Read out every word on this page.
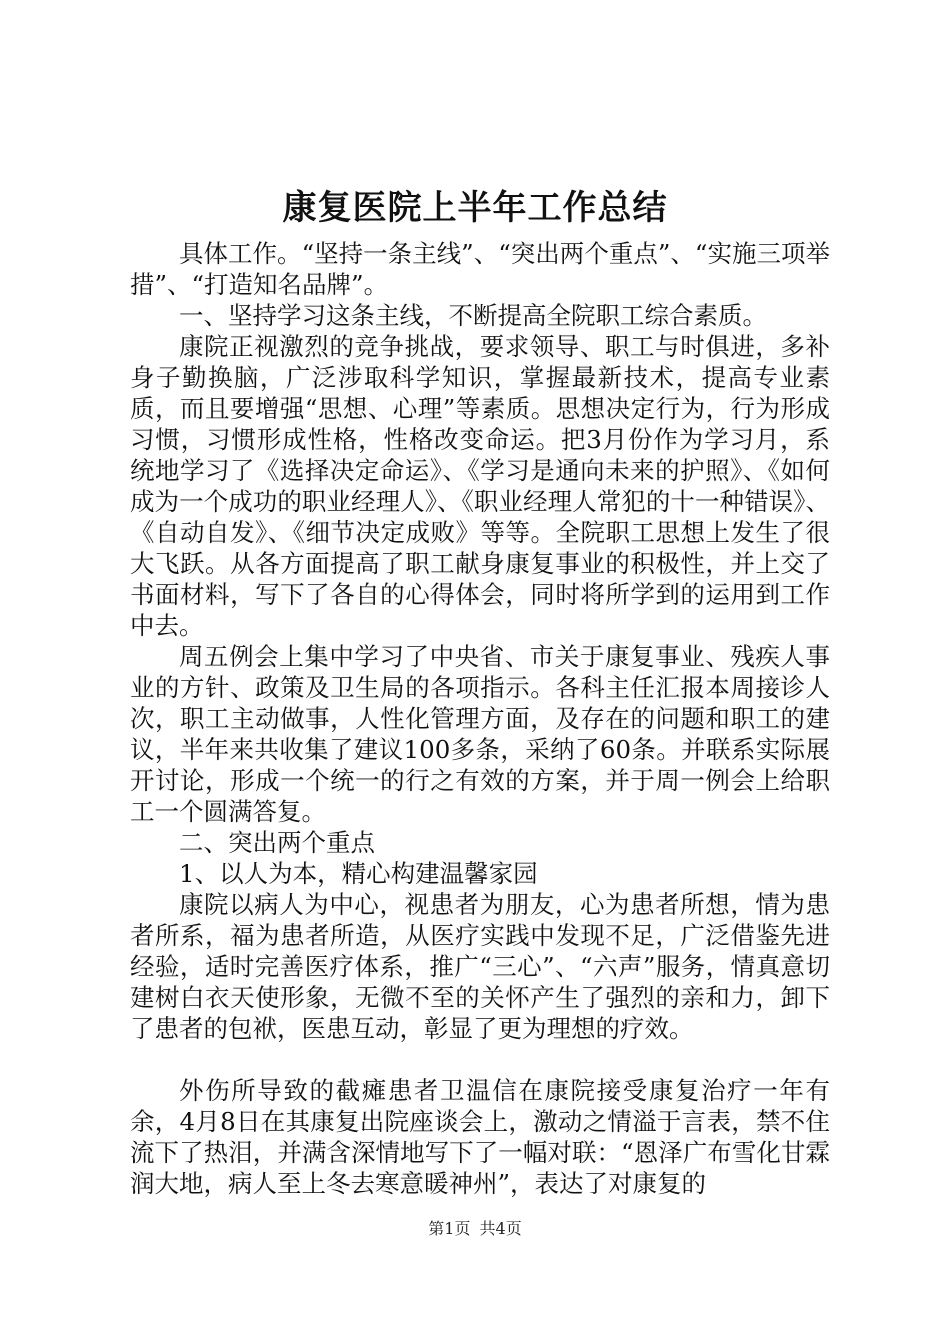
康复医院上半年工作总结

具体工作。“坚持一条主线”、“突出两个重点”、“实施三项举措”、“打造知名品牌”。

一、坚持学习这条主线，不断提高全院职工综合素质。

康院正视激烈的竞争挑战，要求领导、职工与时俱进，多补身子勤换脑，广泛涉取科学知识，掌握最新技术，提高专业素质，而且要增强“思想、心理”等素质。思想决定行为，行为形成习惯，习惯形成性格，性格改变命运。把3月份作为学习月，系统地学习了《选择决定命运》、《学习是通向未来的护照》、《如何成为一个成功的职业经理人》、《职业经理人常犯的十一种错误》、《自动自发》、《细节决定成败》等等。全院职工思想上发生了很大飞跃。从各方面提高了职工献身康复事业的积极性，并上交了书面材料，写下了各自的心得体会，同时将所学到的运用到工作中去。

周五例会上集中学习了中央省、市关于康复事业、残疾人事业的方针、政策及卫生局的各项指示。各科主任汇报本周接诊人次，职工主动做事，人性化管理方面，及存在的问题和职工的建议，半年来共收集了建议100多条，采纳了60条。并联系实际展开讨论，形成一个统一的行之有效的方案，并于周一例会上给职工一个圆满答复。

二、突出两个重点

1、以人为本，精心构建温馨家园

康院以病人为中心，视患者为朋友，心为患者所想，情为患者所系，福为患者所造，从医疗实践中发现不足，广泛借鉴先进经验，适时完善医疗体系，推广“三心”、“六声”服务，情真意切建树白衣天使形象，无微不至的关怀产生了强烈的亲和力，卸下了患者的包袱，医患互动，彰显了更为理想的疗效。

外伤所导致的截瘫患者卫温信在康院接受康复治疗一年有余，4月8日在其康复出院座谈会上，激动之情溢于言表，禁不住流下了热泪，并满含深情地写下了一幅对联：“恩泽广布雪化甘霖润大地，病人至上冬去寒意暖神州”，表达了对康复的

第1页 共4页
